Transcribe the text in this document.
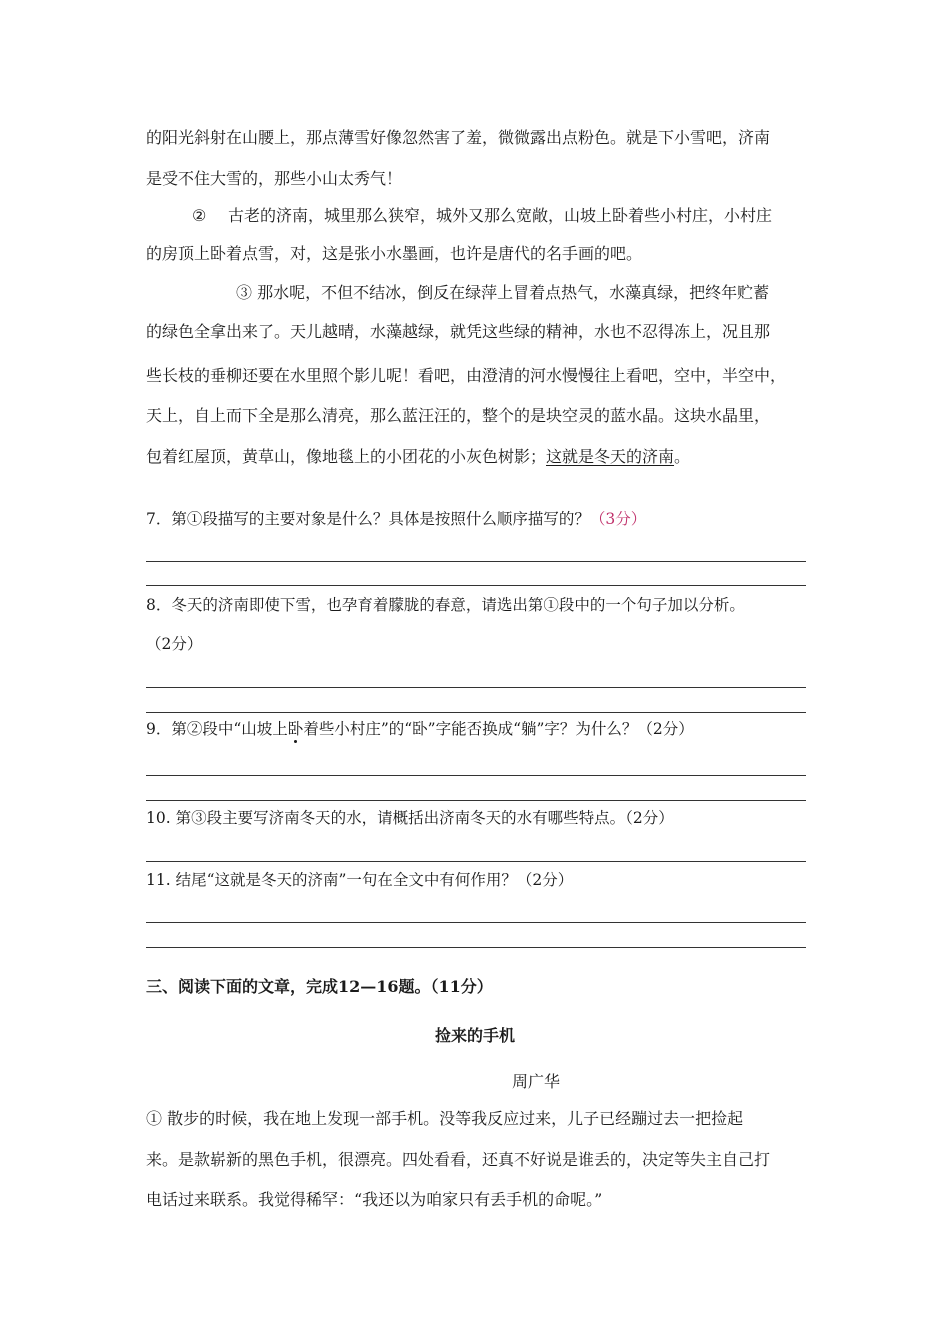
的阳光斜射在山腰上，那点薄雪好像忽然害了羞，微微露出点粉色。就是下小雪吧，济南
是受不住大雪的，那些小山太秀气！
② 古老的济南，城里那么狭窄，城外又那么宽敞，山坡上卧着些小村庄，小村庄
的房顶上卧着点雪，对，这是张小水墨画，也许是唐代的名手画的吧。
③ 那水呢，不但不结冰，倒反在绿萍上冒着点热气，水藻真绿，把终年贮蓄
的绿色全拿出来了。天儿越晴，水藻越绿，就凭这些绿的精神，水也不忍得冻上，况且那
些长枝的垂柳还要在水里照个影儿呢！看吧，由澄清的河水慢慢往上看吧，空中，半空中，
天上，自上而下全是那么清亮，那么蓝汪汪的，整个的是块空灵的蓝水晶。这块水晶里，
包着红屋顶，黄草山，像地毯上的小团花的小灰色树影；这就是冬天的济南。
7．第①段描写的主要对象是什么？具体是按照什么顺序描写的？（3分）
8．冬天的济南即使下雪，也孕育着朦胧的春意，请选出第①段中的一个句子加以分析。
（2分）
9．第②段中“山坡上卧着些小村庄”的“卧”字能否换成“躺”字？为什么？（2分）
10. 第③段主要写济南冬天的水，请概括出济南冬天的水有哪些特点。（2分）
11. 结尾“这就是冬天的济南”一句在全文中有何作用？（2分）
三、阅读下面的文章，完成12—16题。（11分）
捡来的手机
周广华
① 散步的时候，我在地上发现一部手机。没等我反应过来，儿子已经蹦过去一把捡起
来。是款崭新的黑色手机，很漂亮。四处看看，还真不好说是谁丢的，决定等失主自己打
电话过来联系。我觉得稀罕：“我还以为咱家只有丢手机的命呢。”
